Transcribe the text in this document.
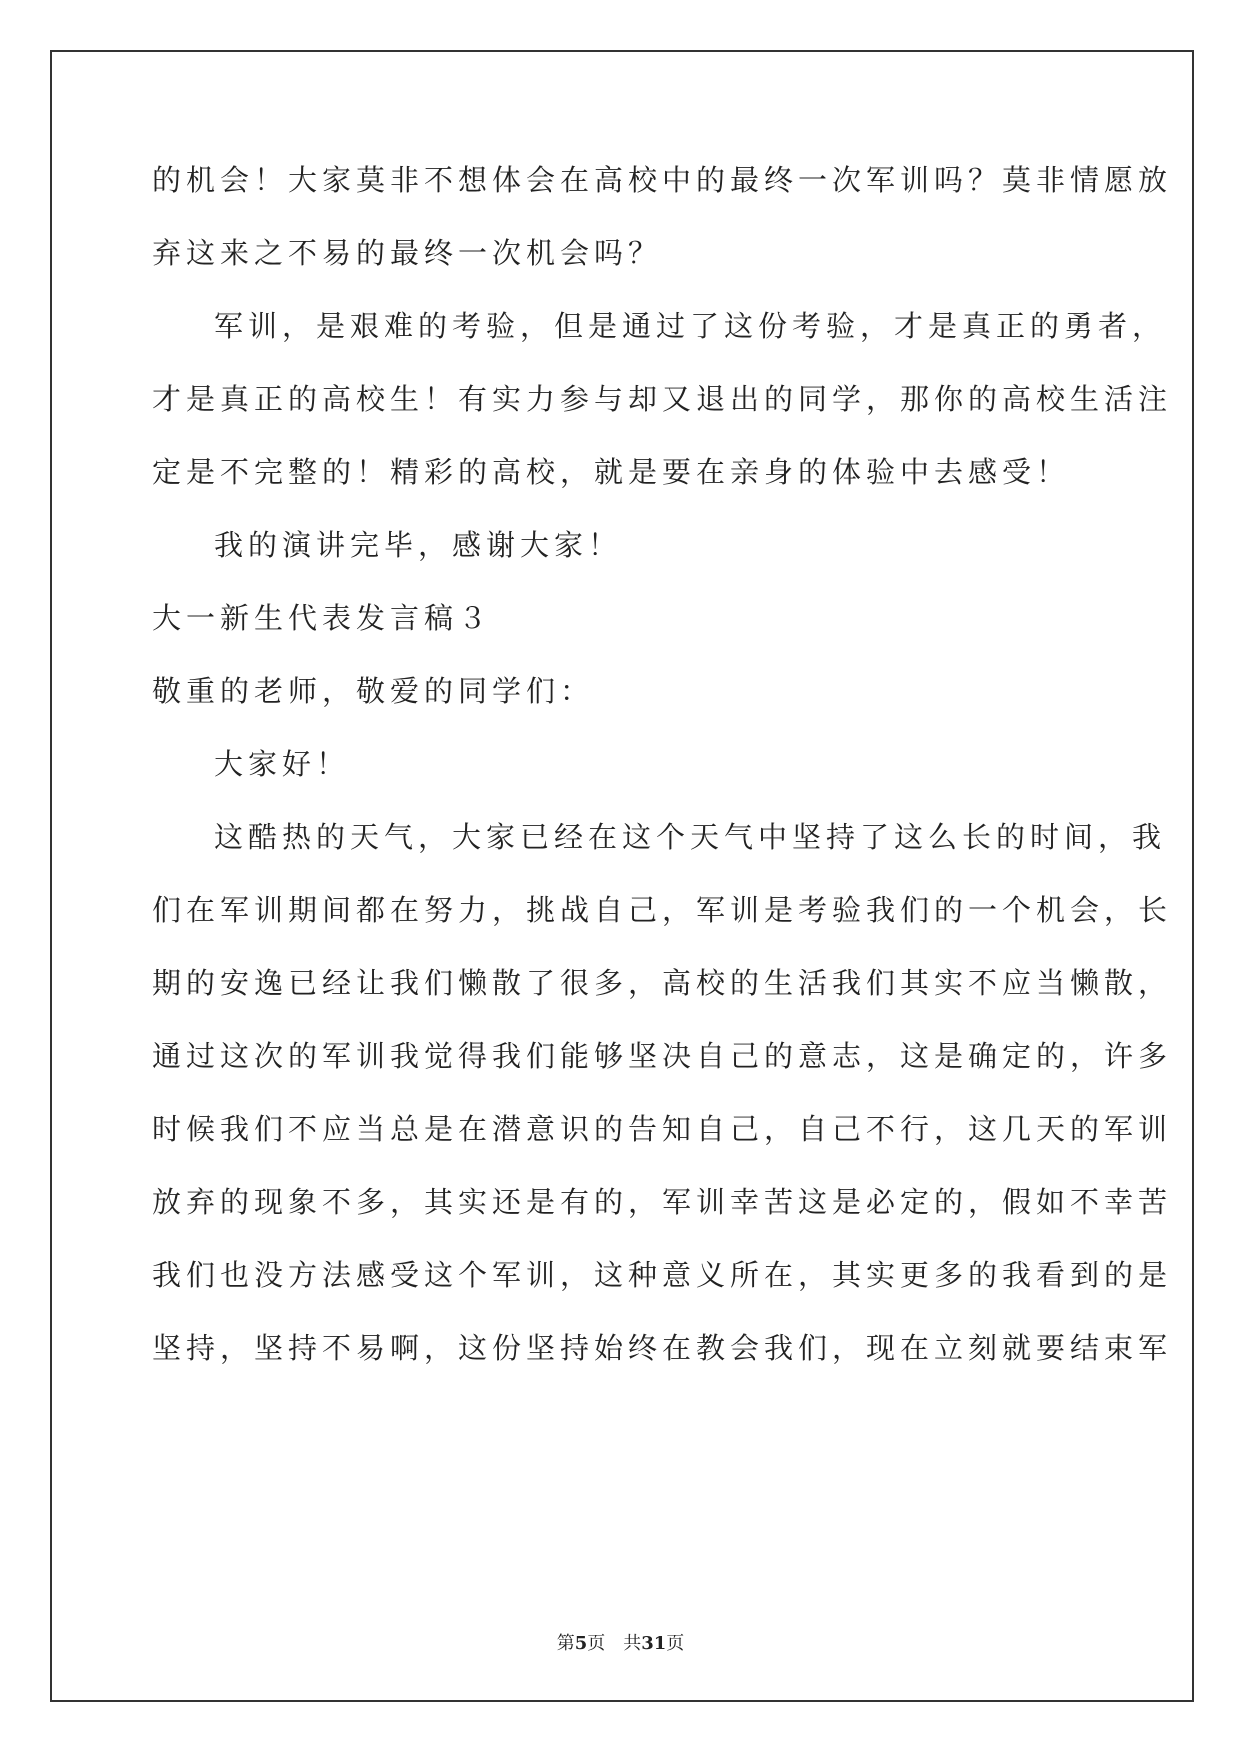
的机会！大家莫非不想体会在高校中的最终一次军训吗？莫非情愿放
弃这来之不易的最终一次机会吗？
军训，是艰难的考验，但是通过了这份考验，才是真正的勇者，
才是真正的高校生！有实力参与却又退出的同学，那你的高校生活注
定是不完整的！精彩的高校，就是要在亲身的体验中去感受！
我的演讲完毕，感谢大家！
大一新生代表发言稿３
敬重的老师，敬爱的同学们：
大家好！
这酷热的天气，大家已经在这个天气中坚持了这么长的时间，我
们在军训期间都在努力，挑战自己，军训是考验我们的一个机会，长
期的安逸已经让我们懒散了很多，高校的生活我们其实不应当懒散，
通过这次的军训我觉得我们能够坚决自己的意志，这是确定的，许多
时候我们不应当总是在潜意识的告知自己，自己不行，这几天的军训
放弃的现象不多，其实还是有的，军训幸苦这是必定的，假如不幸苦
我们也没方法感受这个军训，这种意义所在，其实更多的我看到的是
坚持，坚持不易啊，这份坚持始终在教会我们，现在立刻就要结束军
第5页　共31页
